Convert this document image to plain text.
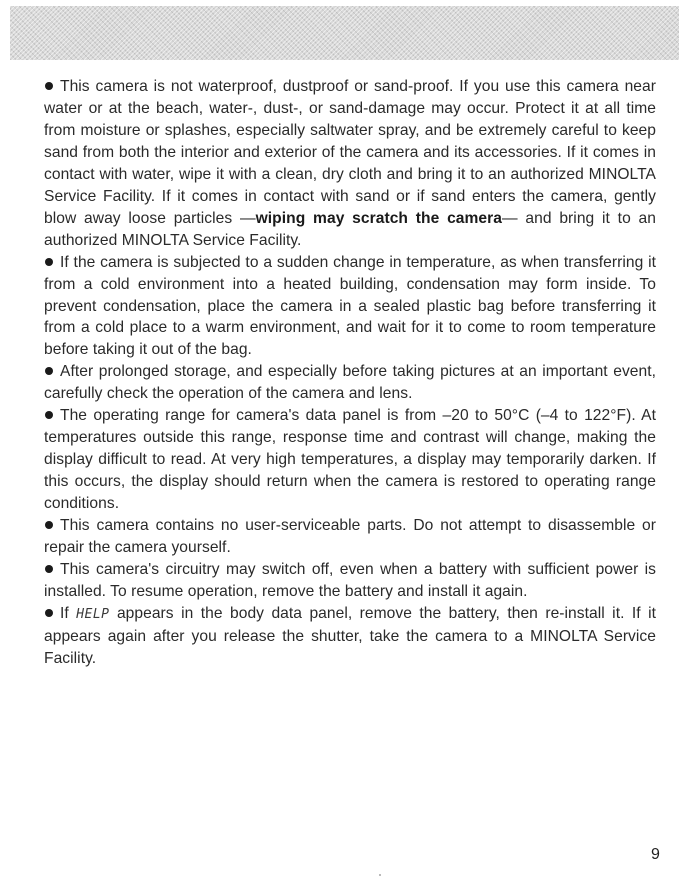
This camera is not waterproof, dustproof or sand-proof. If you use this camera near water or at the beach, water-, dust-, or sand-damage may occur. Protect it at all time from moisture or splashes, especially saltwater spray, and be extremely careful to keep sand from both the interior and exterior of the camera and its accessories. If it comes in contact with water, wipe it with a clean, dry cloth and bring it to an authorized MINOLTA Service Facility. If it comes in contact with sand or if sand enters the camera, gently blow away loose particles —wiping may scratch the camera— and bring it to an authorized MINOLTA Service Facility.

If the camera is subjected to a sudden change in temperature, as when transferring it from a cold environment into a heated building, condensation may form inside. To prevent condensation, place the camera in a sealed plastic bag before transferring it from a cold place to a warm environment, and wait for it to come to room temperature before taking it out of the bag.

After prolonged storage, and especially before taking pictures at an important event, carefully check the operation of the camera and lens.

The operating range for camera's data panel is from –20 to 50°C (–4 to 122°F). At temperatures outside this range, response time and contrast will change, making the display difficult to read. At very high temperatures, a display may temporarily darken. If this occurs, the display should return when the camera is restored to operating range conditions.

This camera contains no user-serviceable parts. Do not attempt to disassemble or repair the camera yourself.

This camera's circuitry may switch off, even when a battery with sufficient power is installed. To resume operation, remove the battery and install it again.

If HELP appears in the body data panel, remove the battery, then re-install it. If it appears again after you release the shutter, take the camera to a MINOLTA Service Facility.

9
